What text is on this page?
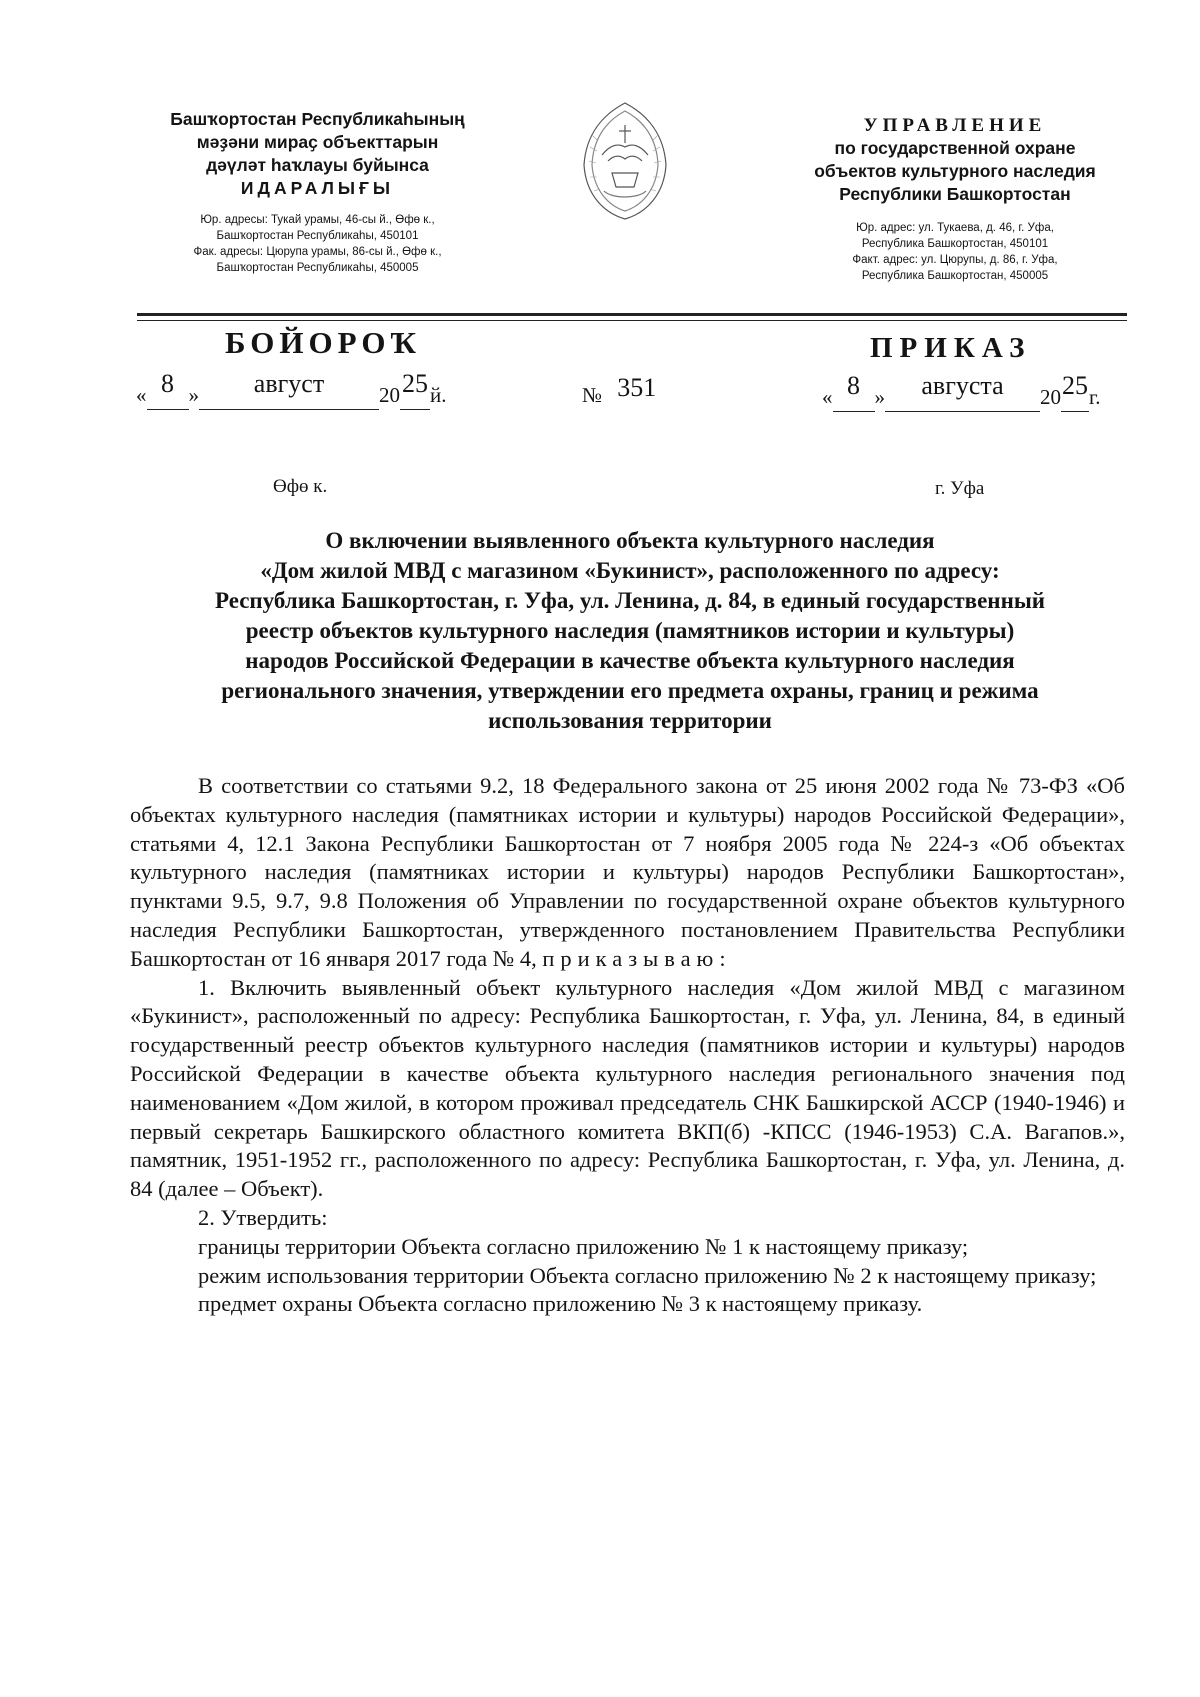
Башҡортостан Республикаһының
мәҙәни мираҫ объекттарын
дәүләт һаҡлауы буйынса
ИДАРАЛЫҒЫ
Юр. адресы: Тукай урамы, 46-сы й., Өфө к.,
Башҡортостан Республикаһы, 450101
Фак. адресы: Цюрупа урамы, 86-сы й., Өфө к.,
Башҡортостан Республикаһы, 450005
УПРАВЛЕНИЕ
по государственной охране
объектов культурного наследия
Республики Башкортостан
Юр. адрес: ул. Тукаева, д. 46, г. Уфа,
Республика Башкортостан, 450101
Факт. адрес: ул. Цюрупы, д. 86, г. Уфа,
Республика Башкортостан, 450005
БОЙОРОҠ	ПРИКАЗ
« 8 » август	2025й.	№ 351	« 8 » августа 2025г.
Өфө к.	г. Уфа
О включении выявленного объекта культурного наследия
«Дом жилой МВД с магазином «Букинист», расположенного по адресу:
Республика Башкортостан, г. Уфа, ул. Ленина, д. 84, в единый государственный
реестр объектов культурного наследия (памятников истории и культуры)
народов Российской Федерации в качестве объекта культурного наследия
регионального значения, утверждении его предмета охраны, границ и режима
использования территории

В соответствии со статьями 9.2, 18 Федерального закона от 25 июня 2002 года № 73-ФЗ «Об объектах культурного наследия (памятниках истории и культуры) народов Российской Федерации», статьями 4, 12.1 Закона Республики Башкортостан от 7 ноября 2005 года № 224-з «Об объектах культурного наследия (памятниках истории и культуры) народов Республики Башкортостан», пунктами 9.5, 9.7, 9.8 Положения об Управлении по государственной охране объектов культурного наследия Республики Башкортостан, утвержденного постановлением Правительства Республики Башкортостан от 16 января 2017 года № 4, приказываю:

1. Включить выявленный объект культурного наследия «Дом жилой МВД с магазином «Букинист», расположенный по адресу: Республика Башкортостан, г. Уфа, ул. Ленина, 84, в единый государственный реестр объектов культурного наследия (памятников истории и культуры) народов Российской Федерации в качестве объекта культурного наследия регионального значения под наименованием «Дом жилой, в котором проживал председатель СНК Башкирской АССР (1940-1946) и первый секретарь Башкирского областного комитета ВКП(б) -КПСС (1946-1953) С.А. Вагапов.», памятник, 1951-1952 гг., расположенного по адресу: Республика Башкортостан, г. Уфа, ул. Ленина, д. 84 (далее – Объект).

2. Утвердить:

границы территории Объекта согласно приложению № 1 к настоящему приказу;

режим использования территории Объекта согласно приложению № 2 к настоящему приказу;

предмет охраны Объекта согласно приложению № 3 к настоящему приказу.
